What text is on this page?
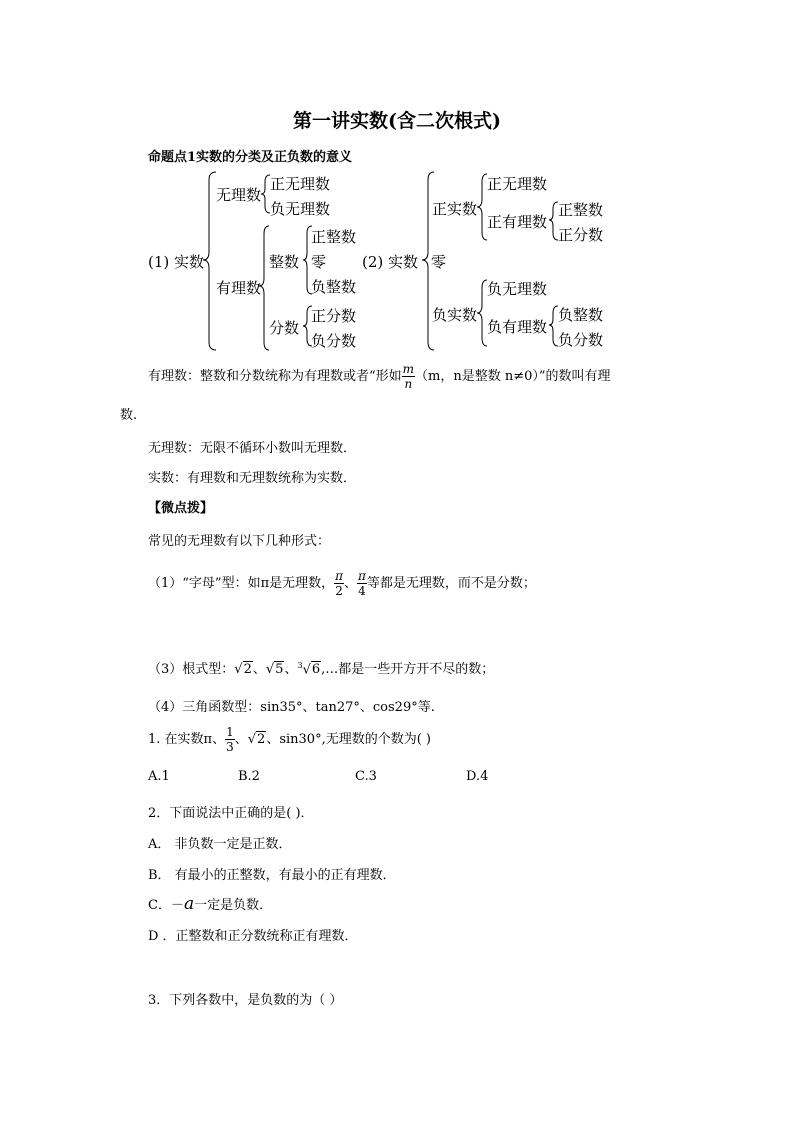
第一讲实数(含二次根式)
命题点1实数的分类及正负数的意义
(1) 实数
无理数
正无理数
负无理数
有理数
整数
正整数
零
负整数
分数
正分数
负分数
(2) 实数 零
正实数
正无理数
正有理数
正整数
正分数
负实数
负无理数
负有理数
负整数
负分数
有理数：整数和分数统称为有理数或者“形如 $\frac{m}{n} (m$，n是整数 n≠0）”的数叫有理
数.
无理数：无限不循环小数叫无理数．
实数：有理数和无理数统称为实数．
【微点拨】
常见的无理数有以下几种形式：
（1）“字母”型：如π是无理数， $\frac{\pi}{2}$ 、 $\frac{\pi}{4}$ 等都是无理数，而不是分数；
（3）根式型：√2、√5、$^3$√6,…都是一些开方开不尽的数；
（4）三角函数型：sin35°、tan27°、cos29°等.
1. 在实数π、 $\frac{1}{3}$ 、√2、sin30°,无理数的个数为( )
A.1	B.2	C.3	D.4
2．下面说法中正确的是( )．
A． 非负数一定是正数．
B． 有最小的正整数，有最小的正有理数．
C．－a一定是负数．
D ．正整数和正分数统称正有理数．
3．下列各数中，是负数的为（ ）
